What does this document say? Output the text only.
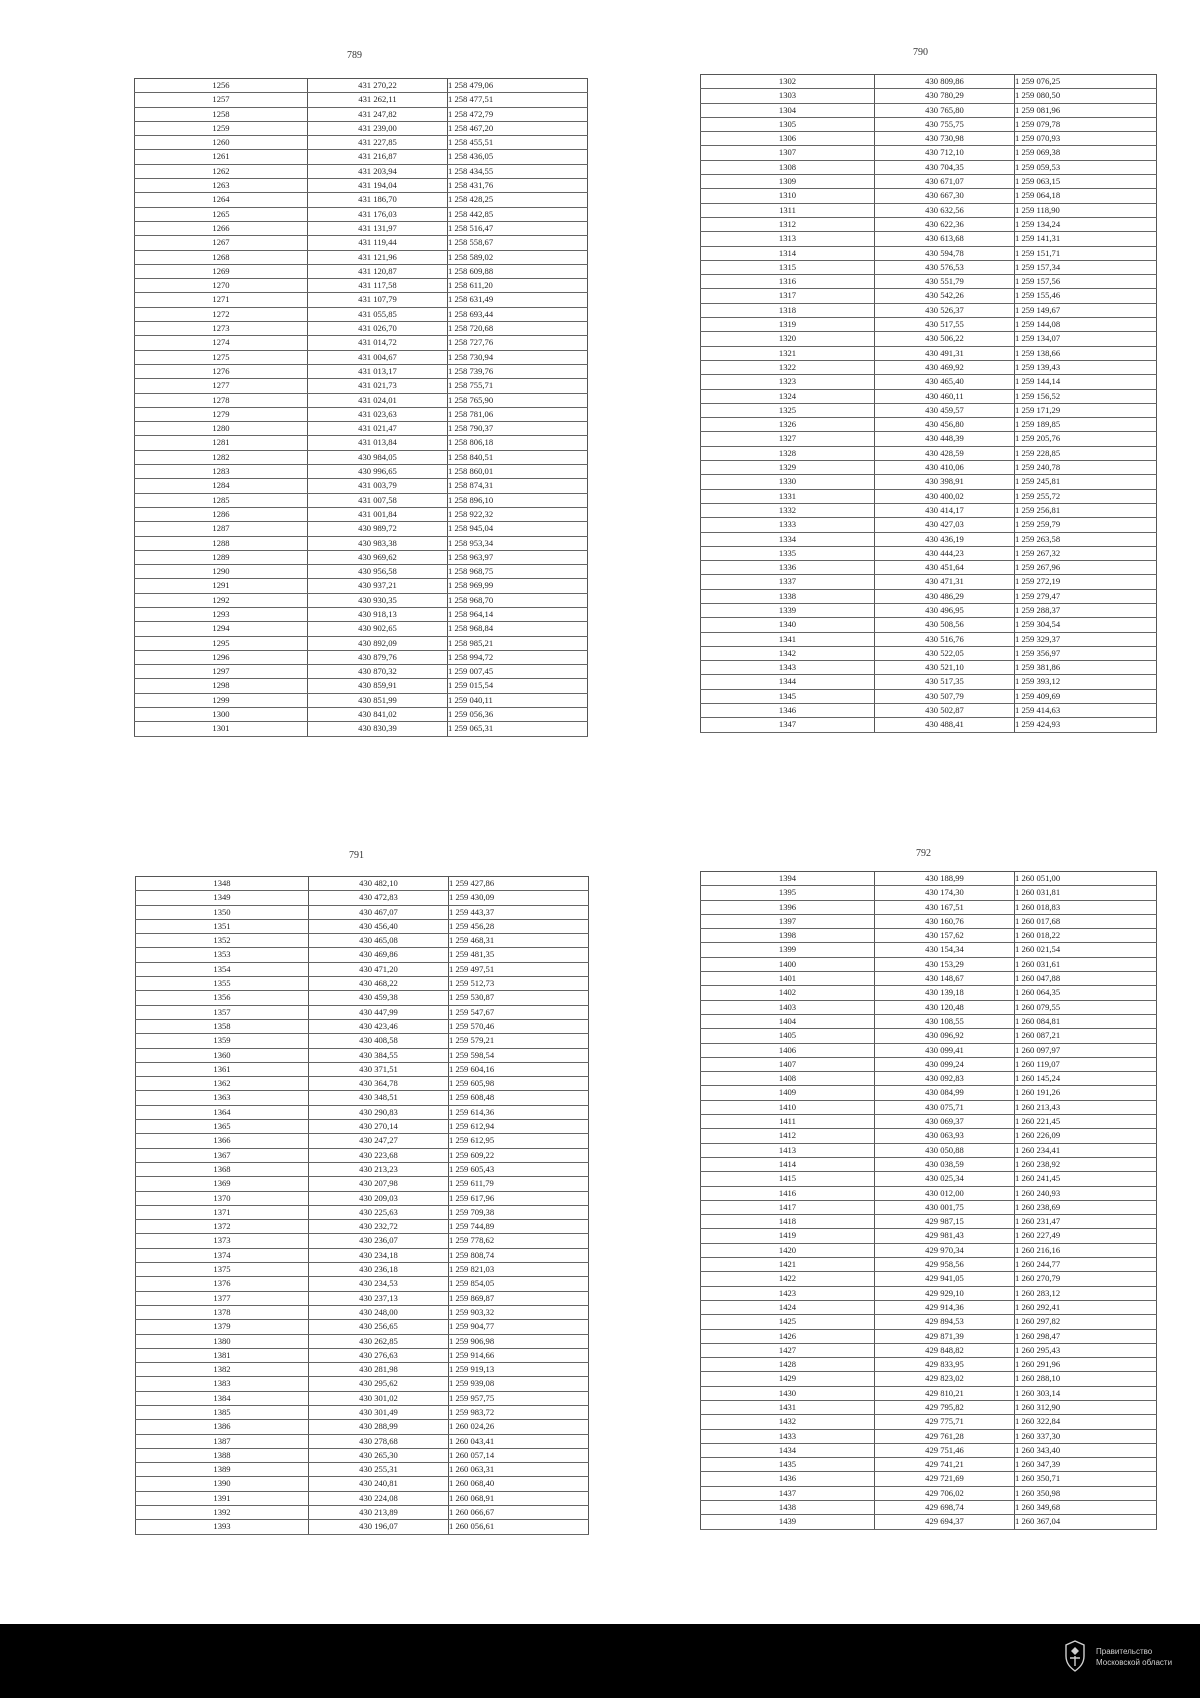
789
1256	431 270,22	1 258 479,06
1257	431 262,11	1 258 477,51
1258	431 247,82	1 258 472,79
1259	431 239,00	1 258 467,20
1260	431 227,85	1 258 455,51
1261	431 216,87	1 258 436,05
1262	431 203,94	1 258 434,55
1263	431 194,04	1 258 431,76
1264	431 186,70	1 258 428,25
1265	431 176,03	1 258 442,85
1266	431 131,97	1 258 516,47
1267	431 119,44	1 258 558,67
1268	431 121,96	1 258 589,02
1269	431 120,87	1 258 609,88
1270	431 117,58	1 258 611,20
1271	431 107,79	1 258 631,49
1272	431 055,85	1 258 693,44
1273	431 026,70	1 258 720,68
1274	431 014,72	1 258 727,76
1275	431 004,67	1 258 730,94
1276	431 013,17	1 258 739,76
1277	431 021,73	1 258 755,71
1278	431 024,01	1 258 765,90
1279	431 023,63	1 258 781,06
1280	431 021,47	1 258 790,37
1281	431 013,84	1 258 806,18
1282	430 984,05	1 258 840,51
1283	430 996,65	1 258 860,01
1284	431 003,79	1 258 874,31
1285	431 007,58	1 258 896,10
1286	431 001,84	1 258 922,32
1287	430 989,72	1 258 945,04
1288	430 983,38	1 258 953,34
1289	430 969,62	1 258 963,97
1290	430 956,58	1 258 968,75
1291	430 937,21	1 258 969,99
1292	430 930,35	1 258 968,70
1293	430 918,13	1 258 964,14
1294	430 902,65	1 258 968,84
1295	430 892,09	1 258 985,21
1296	430 879,76	1 258 994,72
1297	430 870,32	1 259 007,45
1298	430 859,91	1 259 015,54
1299	430 851,99	1 259 040,11
1300	430 841,02	1 259 056,36
1301	430 830,39	1 259 065,31
790
1302	430 809,86	1 259 076,25
1303	430 780,29	1 259 080,50
1304	430 765,80	1 259 081,96
1305	430 755,75	1 259 079,78
1306	430 730,98	1 259 070,93
1307	430 712,10	1 259 069,38
1308	430 704,35	1 259 059,53
1309	430 671,07	1 259 063,15
1310	430 667,30	1 259 064,18
1311	430 632,56	1 259 118,90
1312	430 622,36	1 259 134,24
1313	430 613,68	1 259 141,31
1314	430 594,78	1 259 151,71
1315	430 576,53	1 259 157,34
1316	430 551,79	1 259 157,56
1317	430 542,26	1 259 155,46
1318	430 526,37	1 259 149,67
1319	430 517,55	1 259 144,08
1320	430 506,22	1 259 134,07
1321	430 491,31	1 259 138,66
1322	430 469,92	1 259 139,43
1323	430 465,40	1 259 144,14
1324	430 460,11	1 259 156,52
1325	430 459,57	1 259 171,29
1326	430 456,80	1 259 189,85
1327	430 448,39	1 259 205,76
1328	430 428,59	1 259 228,85
1329	430 410,06	1 259 240,78
1330	430 398,91	1 259 245,81
1331	430 400,02	1 259 255,72
1332	430 414,17	1 259 256,81
1333	430 427,03	1 259 259,79
1334	430 436,19	1 259 263,58
1335	430 444,23	1 259 267,32
1336	430 451,64	1 259 267,96
1337	430 471,31	1 259 272,19
1338	430 486,29	1 259 279,47
1339	430 496,95	1 259 288,37
1340	430 508,56	1 259 304,54
1341	430 516,76	1 259 329,37
1342	430 522,05	1 259 356,97
1343	430 521,10	1 259 381,86
1344	430 517,35	1 259 393,12
1345	430 507,79	1 259 409,69
1346	430 502,87	1 259 414,63
1347	430 488,41	1 259 424,93
791
1348	430 482,10	1 259 427,86
1349	430 472,83	1 259 430,09
1350	430 467,07	1 259 443,37
1351	430 456,40	1 259 456,28
1352	430 465,08	1 259 468,31
1353	430 469,86	1 259 481,35
1354	430 471,20	1 259 497,51
1355	430 468,22	1 259 512,73
1356	430 459,38	1 259 530,87
1357	430 447,99	1 259 547,67
1358	430 423,46	1 259 570,46
1359	430 408,58	1 259 579,21
1360	430 384,55	1 259 598,54
1361	430 371,51	1 259 604,16
1362	430 364,78	1 259 605,98
1363	430 348,51	1 259 608,48
1364	430 290,83	1 259 614,36
1365	430 270,14	1 259 612,94
1366	430 247,27	1 259 612,95
1367	430 223,68	1 259 609,22
1368	430 213,23	1 259 605,43
1369	430 207,98	1 259 611,79
1370	430 209,03	1 259 617,96
1371	430 225,63	1 259 709,38
1372	430 232,72	1 259 744,89
1373	430 236,07	1 259 778,62
1374	430 234,18	1 259 808,74
1375	430 236,18	1 259 821,03
1376	430 234,53	1 259 854,05
1377	430 237,13	1 259 869,87
1378	430 248,00	1 259 903,32
1379	430 256,65	1 259 904,77
1380	430 262,85	1 259 906,98
1381	430 276,63	1 259 914,66
1382	430 281,98	1 259 919,13
1383	430 295,62	1 259 939,08
1384	430 301,02	1 259 957,75
1385	430 301,49	1 259 983,72
1386	430 288,99	1 260 024,26
1387	430 278,68	1 260 043,41
1388	430 265,30	1 260 057,14
1389	430 255,31	1 260 063,31
1390	430 240,81	1 260 068,40
1391	430 224,08	1 260 068,91
1392	430 213,89	1 260 066,67
1393	430 196,07	1 260 056,61
792
1394	430 188,99	1 260 051,00
1395	430 174,30	1 260 031,81
1396	430 167,51	1 260 018,83
1397	430 160,76	1 260 017,68
1398	430 157,62	1 260 018,22
1399	430 154,34	1 260 021,54
1400	430 153,29	1 260 031,61
1401	430 148,67	1 260 047,88
1402	430 139,18	1 260 064,35
1403	430 120,48	1 260 079,55
1404	430 108,55	1 260 084,81
1405	430 096,92	1 260 087,21
1406	430 099,41	1 260 097,97
1407	430 099,24	1 260 119,07
1408	430 092,83	1 260 145,24
1409	430 084,99	1 260 191,26
1410	430 075,71	1 260 213,43
1411	430 069,37	1 260 221,45
1412	430 063,93	1 260 226,09
1413	430 050,88	1 260 234,41
1414	430 038,59	1 260 238,92
1415	430 025,34	1 260 241,45
1416	430 012,00	1 260 240,93
1417	430 001,75	1 260 238,69
1418	429 987,15	1 260 231,47
1419	429 981,43	1 260 227,49
1420	429 970,34	1 260 216,16
1421	429 958,56	1 260 244,77
1422	429 941,05	1 260 270,79
1423	429 929,10	1 260 283,12
1424	429 914,36	1 260 292,41
1425	429 894,53	1 260 297,82
1426	429 871,39	1 260 298,47
1427	429 848,82	1 260 295,43
1428	429 833,95	1 260 291,96
1429	429 823,02	1 260 288,10
1430	429 810,21	1 260 303,14
1431	429 795,82	1 260 312,90
1432	429 775,71	1 260 322,84
1433	429 761,28	1 260 337,30
1434	429 751,46	1 260 343,40
1435	429 741,21	1 260 347,39
1436	429 721,69	1 260 350,71
1437	429 706,02	1 260 350,98
1438	429 698,74	1 260 349,68
1439	429 694,37	1 260 367,04
Правительство
Московской области
